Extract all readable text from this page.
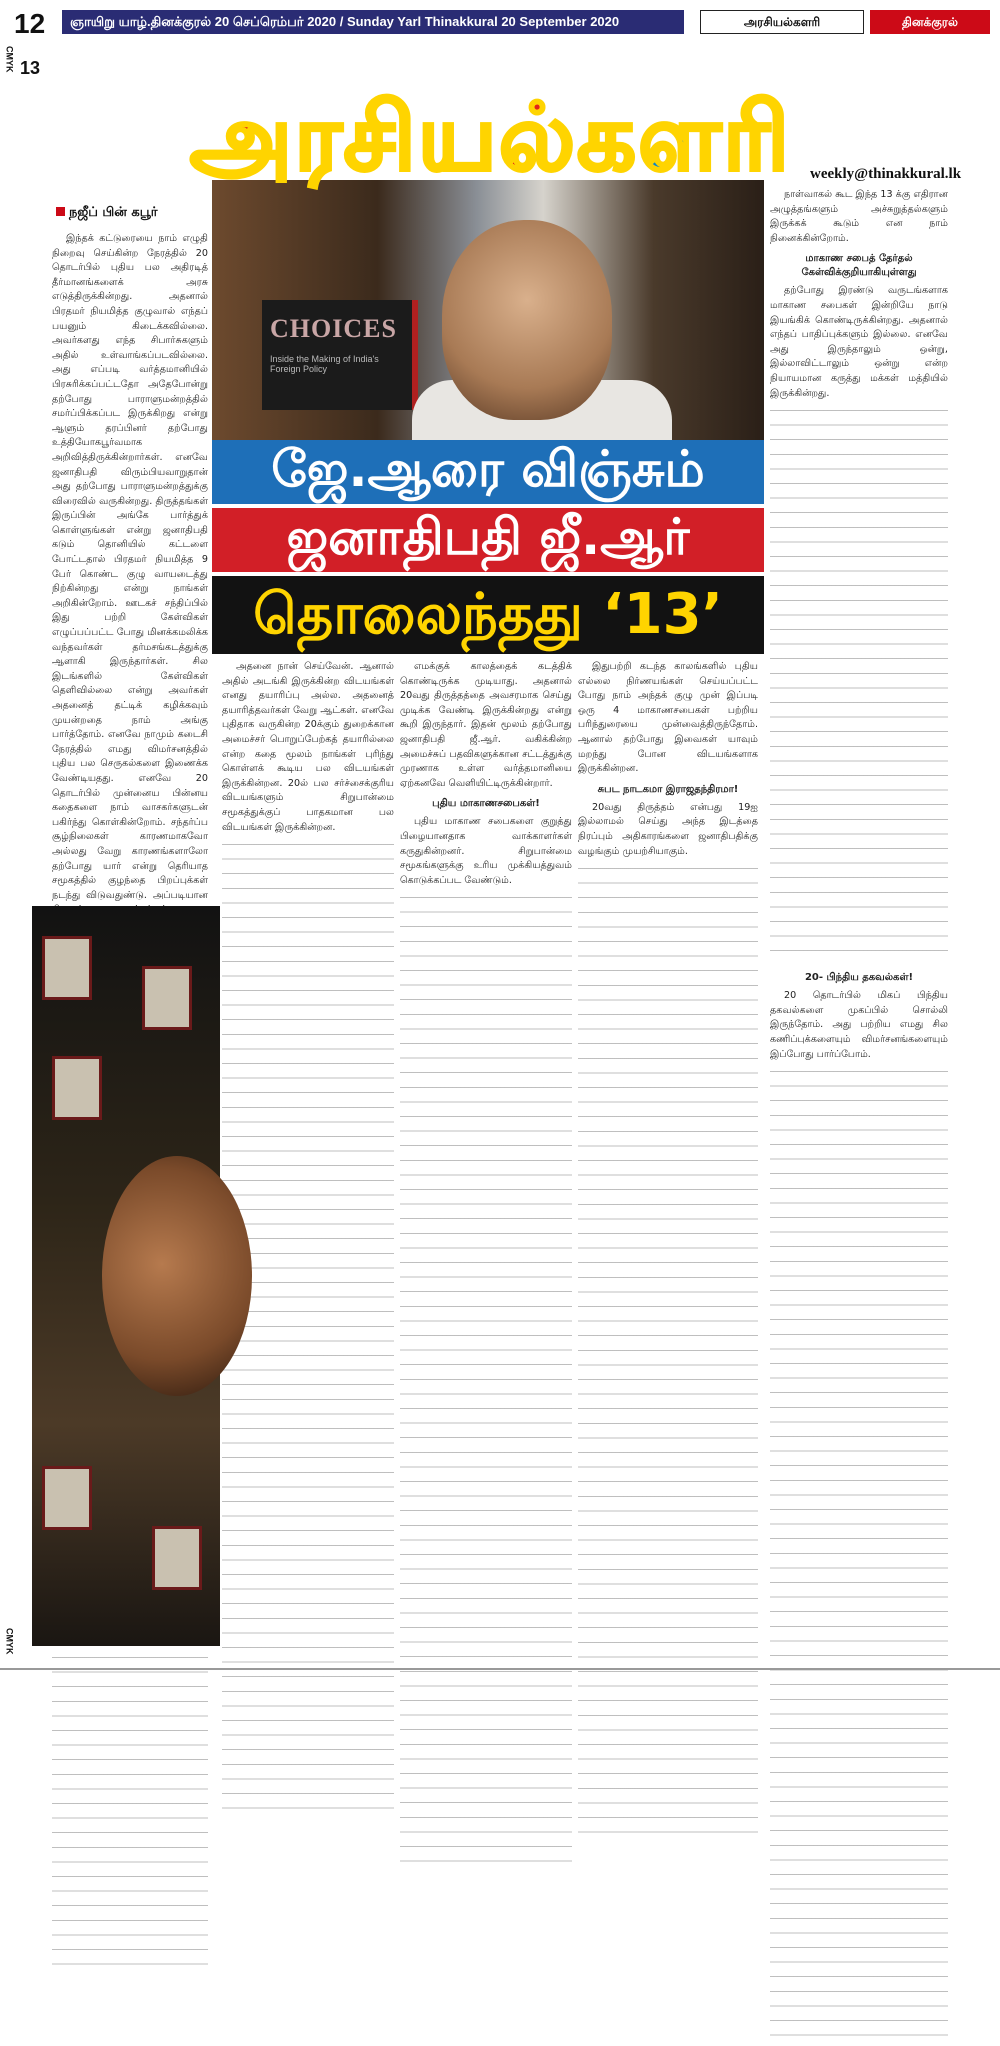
12	ஞாயிறு யாழ்.தினக்குரல் 20 செப்ரெம்பர் 2020 / Sunday Yarl Thinakkural 20 September 2020	அரசியல்களரி	தினக்குரல்
CMYK
CMYK
13
CHOICES
Inside the Making of India's Foreign Policy
அரசியல்களரி	weekly@thinakkural.lk
நஜீப் பின் கபூர்
ஜே.ஆரை விஞ்சும்
ஜனாதிபதி ஜீ.ஆர்
தொலைந்தது ‘13’

இந்தக் கட்டுரையை நாம் எழுதி நிறைவு செய்கின்ற நேரத்தில் 20 தொடர்பில் புதிய பல அதிரடித் தீர்மானங்களைக் அரசு எடுத்திருக்கின்றது. அதனால் பிரதமர் நியமித்த குழுவால் எந்தப் பயனும் கிடைக்கவில்லை. அவர்களது எந்த சிபார்சுகளும் அதில் உள்வாங்கப்படவில்லை. அது எப்படி வர்த்தமானியில் பிரசுரிக்கப்பட்டதோ அதேபோன்று தற்போது பாராளுமன்றத்தில் சமர்ப்பிக்கப்பட இருக்கிறது என்று ஆளும் தரப்பினர் தற்போது உத்தியோகபூர்வமாக அறிவித்திருக்கின்றார்கள். எனவே ஜனாதிபதி விரும்பியவாறுதான் அது தற்போது பாராளுமன்றத்துக்கு விரைவில் வருகின்றது. திருத்தங்கள் இருப்பின் அங்கே பார்த்துக் கொள்ளுங்கள் என்று ஜனாதிபதி கடும் தொனியில் கட்டளை போட்டதால் பிரதமர் நியமித்த 9 பேர் கொண்ட குழு வாயடைத்து நிற்கின்றது என்று நாங்கள் அறிகின்றோம். ஊடகச் சந்திப்பில் இது பற்றி கேள்விகள் எழுப்பப்பட்ட போது மினக்கமலிக்க வந்தவர்கள் தர்மசங்கடத்துக்கு ஆளாகி இருந்தார்கள். சில இடங்களில் கேள்விகள் தெளிவில்லை என்று அவர்கள் அதனைத் தட்டிக் கழிக்கவும் முயன்றதை நாம் அங்கு பார்த்தோம். எனவே நாமும் கடைசி நேரத்தில் எமது விமர்சனத்தில் புதிய பல செருகல்களை இணைக்க வேண்டியதது. எனவே 20 தொடர்பில் முன்னைய பின்னய கதைகளை நாம் வாசகர்களுடன் பகிர்ந்து கொள்கின்றோம். சந்தர்ப்ப சூழ்நிலைகள் காரணமாகவோ அல்லது வேறு காரணங்களாலோ தற்போது யார் என்று தெரியாத சமூகத்தில் குழந்தை பிறப்புக்கள் நடந்து விடுவதுண்டு. அப்படியான

அதனை நான் செய்வேன். ஆனால் அதில் அடங்கி இருக்கின்ற விடயங்கள் எனது தயாரிப்பு அல்ல. அதனைத் தயாரித்தவர்கள் வேறு ஆட்கள். எனவே புதிதாக வருகின்ற 20க்கும் துறைக்கான அமைச்சர் பொறுப்பேற்கத் தயாரில்லை என்ற கதை மூலம் நாங்கள் புரிந்து கொள்ளக் கூடிய பல விடயங்கள் இருக்கின்றன. 20ல் பல சர்ச்சைக்குரிய விடயங்களும் சிறுபான்மை சமூகத்துக்குப் பாதகமான பல விடயங்கள் இருக்கின்றன.

எமக்குக் காலத்தைக் கடத்திக் கொண்டிருக்க முடியாது. அதனால் 20வது திருத்தத்தை அவசரமாக செய்து முடிக்க வேண்டி இருக்கின்றது என்று கூறி இருந்தார். இதன் மூலம் தற்போது ஜனாதிபதி ஜீ.ஆர். வகிக்கின்ற அமைச்சுப் பதவிகளுக்கான சட்டத்துக்கு முரணாக உள்ள வர்த்தமானியை ஏற்கனவே வெளியிட்டிருக்கின்றார்.

புதிய மாகாணசபைகள்!

புதிய மாகாண சபைகளை குறுத்து பிழையானதாக வாக்காளர்கள் கருதுகின்றனர். சிறுபான்மை சமூகங்களுக்கு உரிய முக்கியத்துவம் கொடுக்கப்பட வேண்டும்.

இதுபற்றி கடந்த காலங்களில் புதிய எல்லை நிர்ணயங்கள் செய்யப்பட்ட போது நாம் அந்தக் குழு முன் இப்படி ஒரு 4 மாகாணசபைகள் பற்றிய பரிந்துரையை முன்வைத்திருந்தோம். ஆனால் தற்போது இவைகள் யாவும் மறந்து போன விடயங்களாக இருக்கின்றன.

சுபட நாடகமா இராஜதந்திரமா!

20வது திருத்தம் என்பது 19ஐ இல்லாமல் செய்து அந்த இடத்தை நிரப்பும் அதிகாரங்களை ஜனாதிபதிக்கு வழங்கும் முயற்சியாகும்.

நாள்வாகல் கூட இந்த 13 க்கு எதிரான அழுத்தங்களும் அச்சுறுத்தல்களும் இருக்கக் கூடும் என நாம் நினைக்கின்றோம்.

மாகாண சபைத் தேர்தல் கேள்விக்குறியாகியுள்ளது

தற்போது இரண்டு வருடங்களாக மாகாண சபைகள் இன்றியே நாடு இயங்கிக் கொண்டிருக்கின்றது. அதனால் எந்தப் பாதிப்புக்களும் இல்லை. எனவே அது இருந்தாலும் ஒன்று, இல்லாவிட்டாலும் ஒன்று என்ற நியாயமான கருத்து மக்கள் மத்தியில் இருக்கின்றது.

20- பிந்திய தகவல்கள்!

20 தொடர்பில் மிகப் பிந்திய தகவல்களை முகப்பில் சொல்லி இருந்தோம். அது பற்றிய எமது சில கணிப்புக்களையும் விமர்சனங்களையும் இப்போது பார்ப்போம்.
